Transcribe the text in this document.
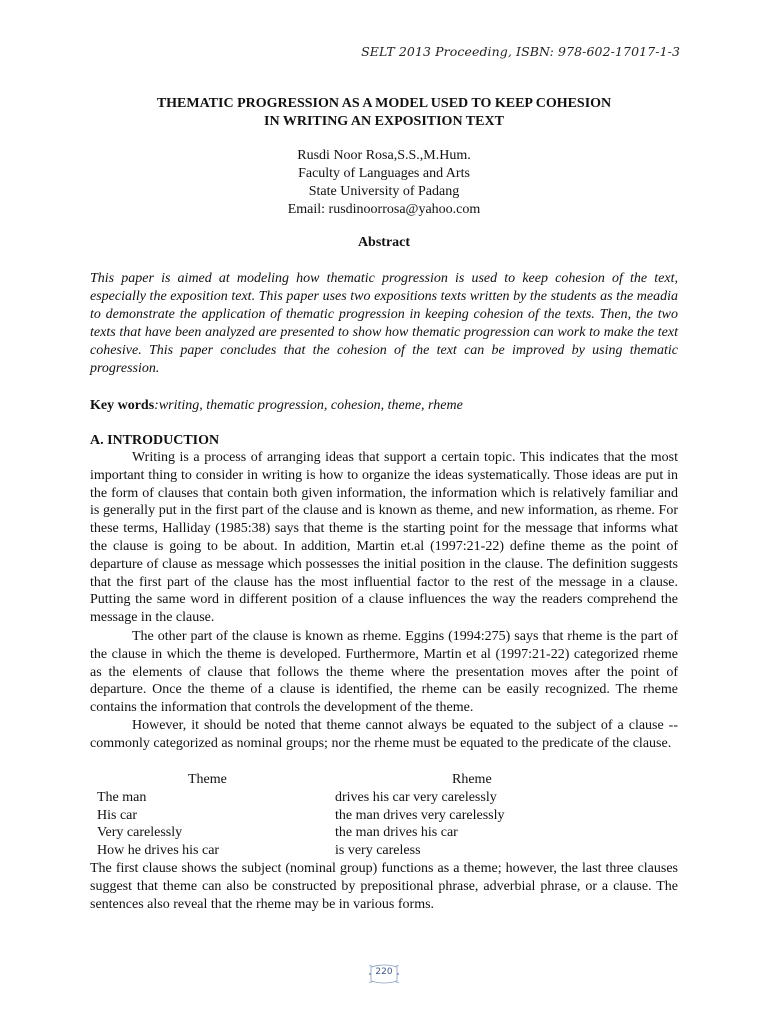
SELT 2013 Proceeding, ISBN: 978-602-17017-1-3
THEMATIC PROGRESSION AS A MODEL USED TO KEEP COHESION
IN WRITING AN EXPOSITION TEXT
Rusdi Noor Rosa,S.S.,M.Hum.
Faculty of Languages and Arts
State University of Padang
Email: rusdinoorrosa@yahoo.com
Abstract
This paper is aimed at modeling how thematic progression is used to keep cohesion of the text, especially the exposition text. This paper uses two expositions texts written by the students as the meadia to demonstrate the application of thematic progression in keeping cohesion of the texts. Then, the two texts that have been analyzed are presented to show how thematic progression can work to make the text cohesive. This paper concludes that the cohesion of the text can be improved by using thematic progression.
Key words:writing, thematic progression, cohesion, theme, rheme
A. INTRODUCTION
Writing is a process of arranging ideas that support a certain topic. This indicates that the most important thing to consider in writing is how to organize the ideas systematically. Those ideas are put in the form of clauses that contain both given information, the information which is relatively familiar and is generally put in the first part of the clause and is known as theme, and new information, as rheme. For these terms, Halliday (1985:38) says that theme is the starting point for the message that informs what the clause is going to be about. In addition, Martin et.al (1997:21-22) define theme as the point of departure of clause as message which possesses the initial position in the clause. The definition suggests that the first part of the clause has the most influential factor to the rest of the message in a clause. Putting the same word in different position of a clause influences the way the readers comprehend the message in the clause.
The other part of the clause is known as rheme. Eggins (1994:275) says that rheme is the part of the clause in which the theme is developed. Furthermore, Martin et al (1997:21-22) categorized rheme as the elements of clause that follows the theme where the presentation moves after the point of departure. Once the theme of a clause is identified, the rheme can be easily recognized. The rheme contains the information that controls the development of the theme.
However, it should be noted that theme cannot always be equated to the subject of a clause -- commonly categorized as nominal groups; nor the rheme must be equated to the predicate of the clause.
Theme	Rheme
The man	drives his car very carelessly
His car	the man drives very carelessly
Very carelessly	the man drives his car
How he drives his car	is very careless
The first clause shows the subject (nominal group) functions as a theme; however, the last three clauses suggest that theme can also be constructed by prepositional phrase, adverbial phrase, or a clause. The sentences also reveal that the rheme may be in various forms.
220
